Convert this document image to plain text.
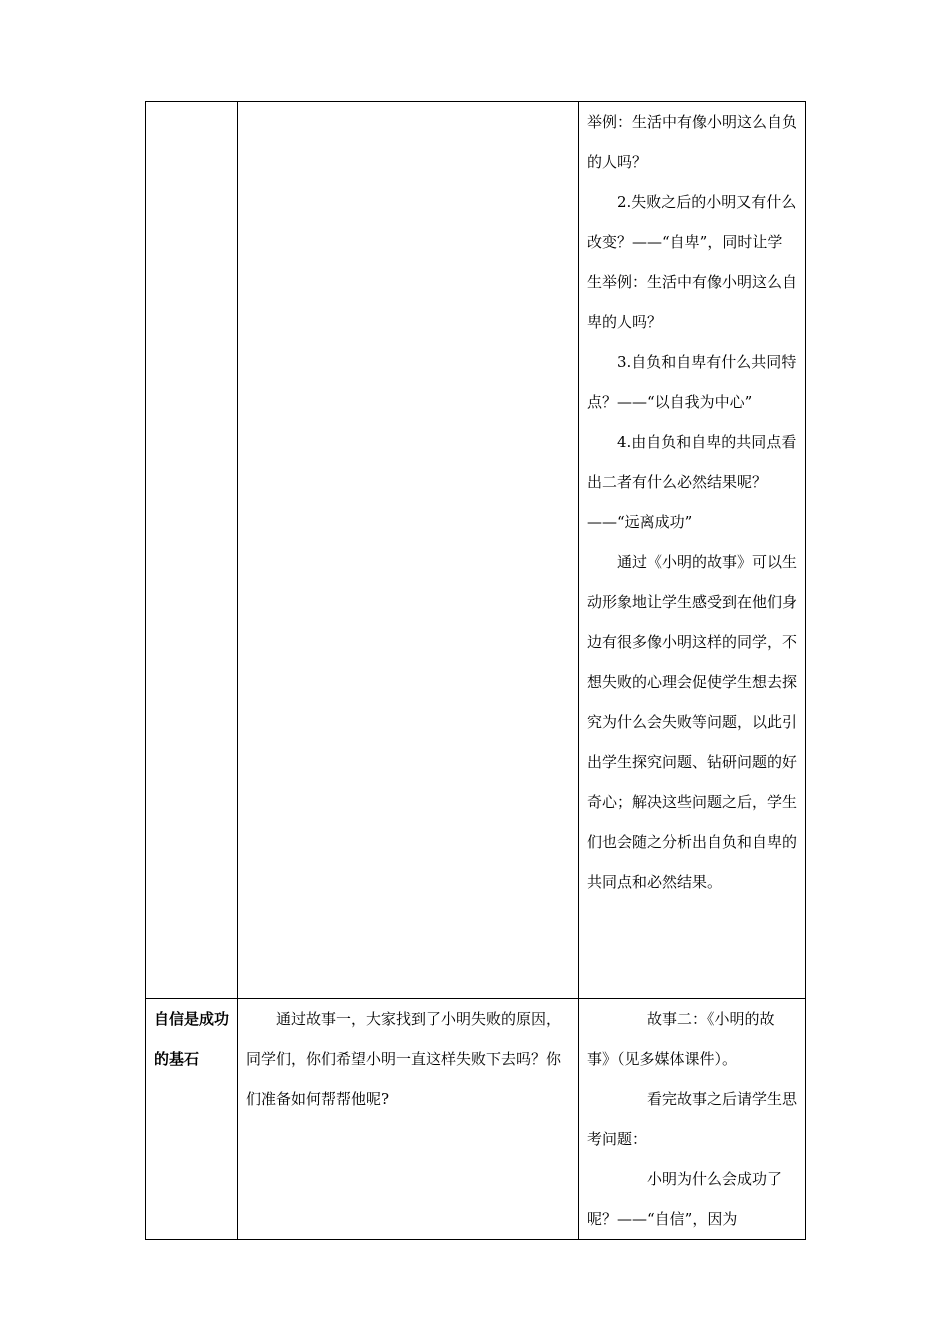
		举例：生活中有像小明这么自负的人吗？

2.失败之后的小明又有什么改变？——“自卑”，同时让学生举例：生活中有像小明这么自卑的人吗？

3.自负和自卑有什么共同特点？——“以自我为中心”

4.由自负和自卑的共同点看出二者有什么必然结果呢？——“远离成功”

通过《小明的故事》可以生动形象地让学生感受到在他们身边有很多像小明这样的同学，不想失败的心理会促使学生想去探究为什么会失败等问题，以此引出学生探究问题、钻研问题的好奇心；解决这些问题之后，学生们也会随之分析出自负和自卑的共同点和必然结果。

自信是成功的基石	通过故事一，大家找到了小明失败的原因，同学们，你们希望小明一直这样失败下去吗？你们准备如何帮帮他呢?	故事二：《小明的故事》（见多媒体课件）。

看完故事之后请学生思考问题：

小明为什么会成功了呢？——“自信”，因为
